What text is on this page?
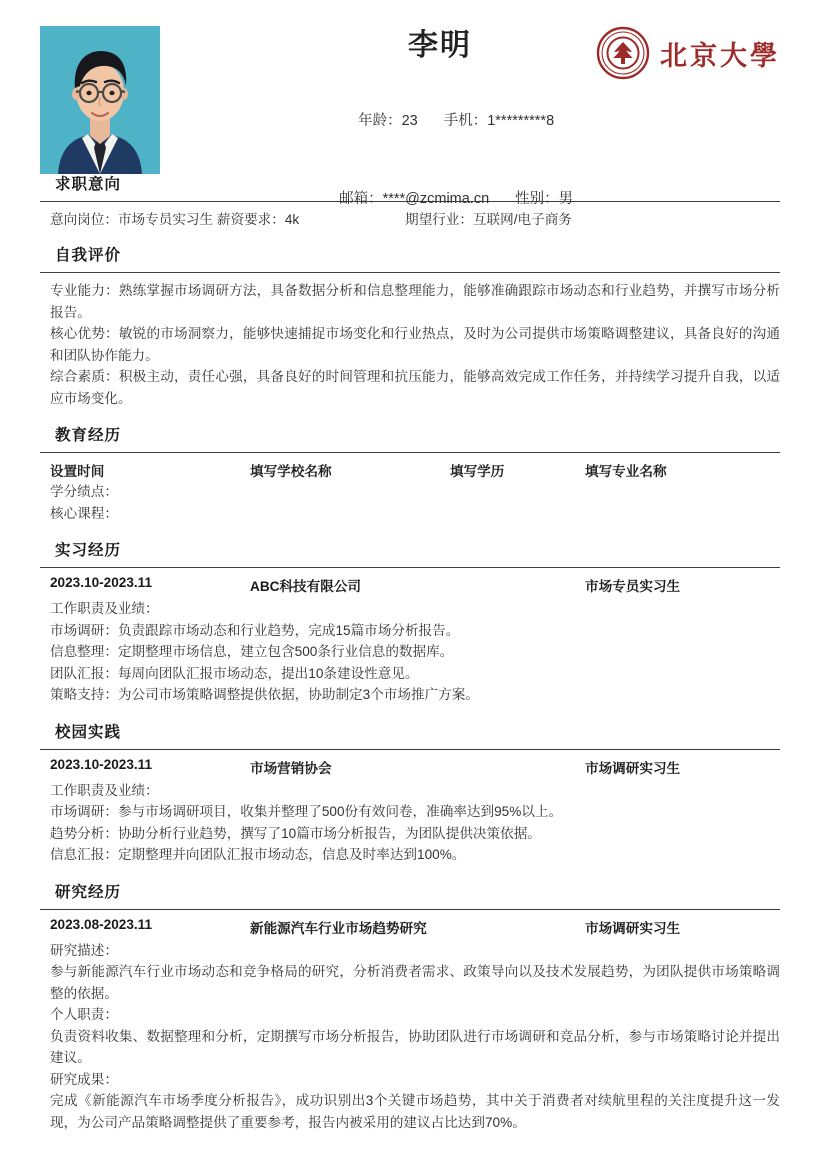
李明

年龄：23 手机：1*********8

邮箱：****@zcmima.cn 性别：男

北京大學
求职意向
意向岗位：市场专员实习生 薪资要求：4k	期望行业：互联网/电子商务
自我评价
专业能力：熟练掌握市场调研方法，具备数据分析和信息整理能力，能够准确跟踪市场动态和行业趋势，并撰写市场分析报告。
核心优势：敏锐的市场洞察力，能够快速捕捉市场变化和行业热点，及时为公司提供市场策略调整建议，具备良好的沟通和团队协作能力。
综合素质：积极主动，责任心强，具备良好的时间管理和抗压能力，能够高效完成工作任务，并持续学习提升自我，以适应市场变化。
教育经历
设置时间	填写学校名称	填写学历	填写专业名称
学分绩点：
核心课程：
实习经历
2023.10-2023.11	ABC科技有限公司	市场专员实习生
工作职责及业绩：
市场调研：负责跟踪市场动态和行业趋势，完成15篇市场分析报告。
信息整理：定期整理市场信息，建立包含500条行业信息的数据库。
团队汇报：每周向团队汇报市场动态，提出10条建设性意见。
策略支持：为公司市场策略调整提供依据，协助制定3个市场推广方案。
校园实践
2023.10-2023.11	市场营销协会	市场调研实习生
工作职责及业绩：
市场调研：参与市场调研项目，收集并整理了500份有效问卷，准确率达到95%以上。
趋势分析：协助分析行业趋势，撰写了10篇市场分析报告，为团队提供决策依据。
信息汇报：定期整理并向团队汇报市场动态，信息及时率达到100%。
研究经历
2023.08-2023.11	新能源汽车行业市场趋势研究	市场调研实习生
研究描述：
参与新能源汽车行业市场动态和竞争格局的研究，分析消费者需求、政策导向以及技术发展趋势，为团队提供市场策略调整的依据。
个人职责：
负责资料收集、数据整理和分析，定期撰写市场分析报告，协助团队进行市场调研和竞品分析，参与市场策略讨论并提出建议。
研究成果：
完成《新能源汽车市场季度分析报告》，成功识别出3个关键市场趋势，其中关于消费者对续航里程的关注度提升这一发现，为公司产品策略调整提供了重要参考，报告内被采用的建议占比达到70%。
